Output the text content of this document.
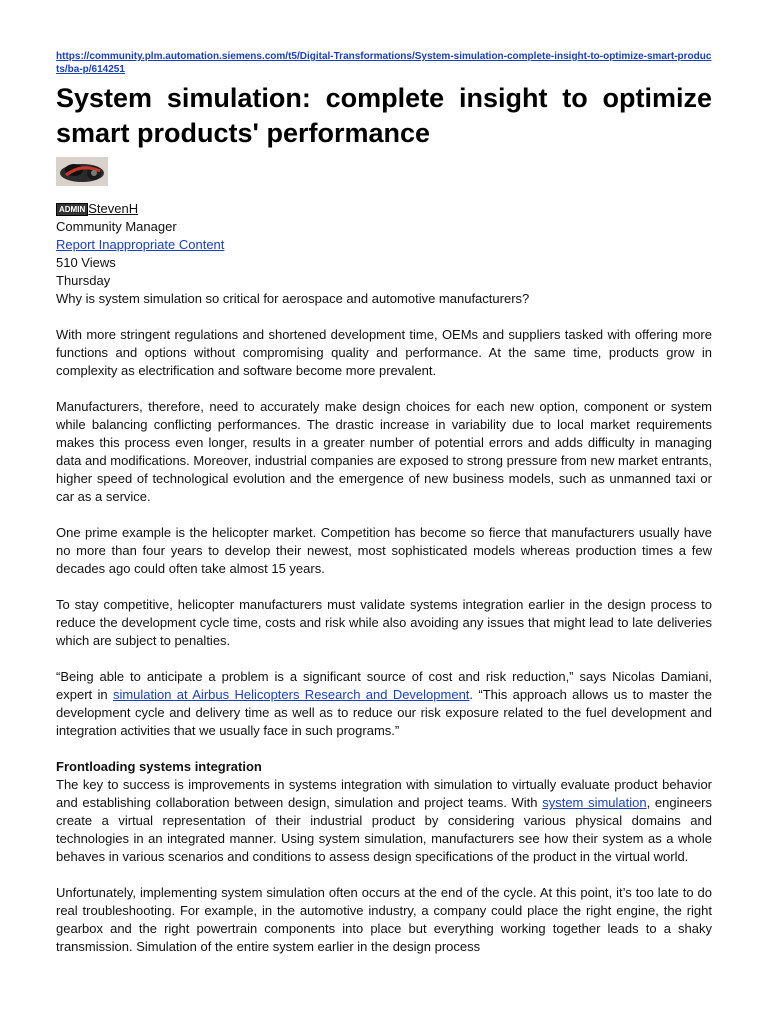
https://community.plm.automation.siemens.com/t5/Digital-Transformations/System-simulation-complete-insight-to-optimize-smart-products/ba-p/614251
System simulation: complete insight to optimize smart products' performance
ADMIN StevenH
Community Manager
Report Inappropriate Content
510 Views
Thursday

Why is system simulation so critical for aerospace and automotive manufacturers?

With more stringent regulations and shortened development time, OEMs and suppliers tasked with offering more functions and options without compromising quality and performance. At the same time, products grow in complexity as electrification and software become more prevalent.

Manufacturers, therefore, need to accurately make design choices for each new option, component or system while balancing conflicting performances. The drastic increase in variability due to local market requirements makes this process even longer, results in a greater number of potential errors and adds difficulty in managing data and modifications. Moreover, industrial companies are exposed to strong pressure from new market entrants, higher speed of technological evolution and the emergence of new business models, such as unmanned taxi or car as a service.

One prime example is the helicopter market. Competition has become so fierce that manufacturers usually have no more than four years to develop their newest, most sophisticated models whereas production times a few decades ago could often take almost 15 years.

To stay competitive, helicopter manufacturers must validate systems integration earlier in the design process to reduce the development cycle time, costs and risk while also avoiding any issues that might lead to late deliveries which are subject to penalties.

“Being able to anticipate a problem is a significant source of cost and risk reduction,” says Nicolas Damiani, expert in simulation at Airbus Helicopters Research and Development. “This approach allows us to master the development cycle and delivery time as well as to reduce our risk exposure related to the fuel development and integration activities that we usually face in such programs.”

Frontloading systems integration

The key to success is improvements in systems integration with simulation to virtually evaluate product behavior and establishing collaboration between design, simulation and project teams. With system simulation, engineers create a virtual representation of their industrial product by considering various physical domains and technologies in an integrated manner. Using system simulation, manufacturers see how their system as a whole behaves in various scenarios and conditions to assess design specifications of the product in the virtual world.

Unfortunately, implementing system simulation often occurs at the end of the cycle. At this point, it’s too late to do real troubleshooting. For example, in the automotive industry, a company could place the right engine, the right gearbox and the right powertrain components into place but everything working together leads to a shaky transmission. Simulation of the entire system earlier in the design process
